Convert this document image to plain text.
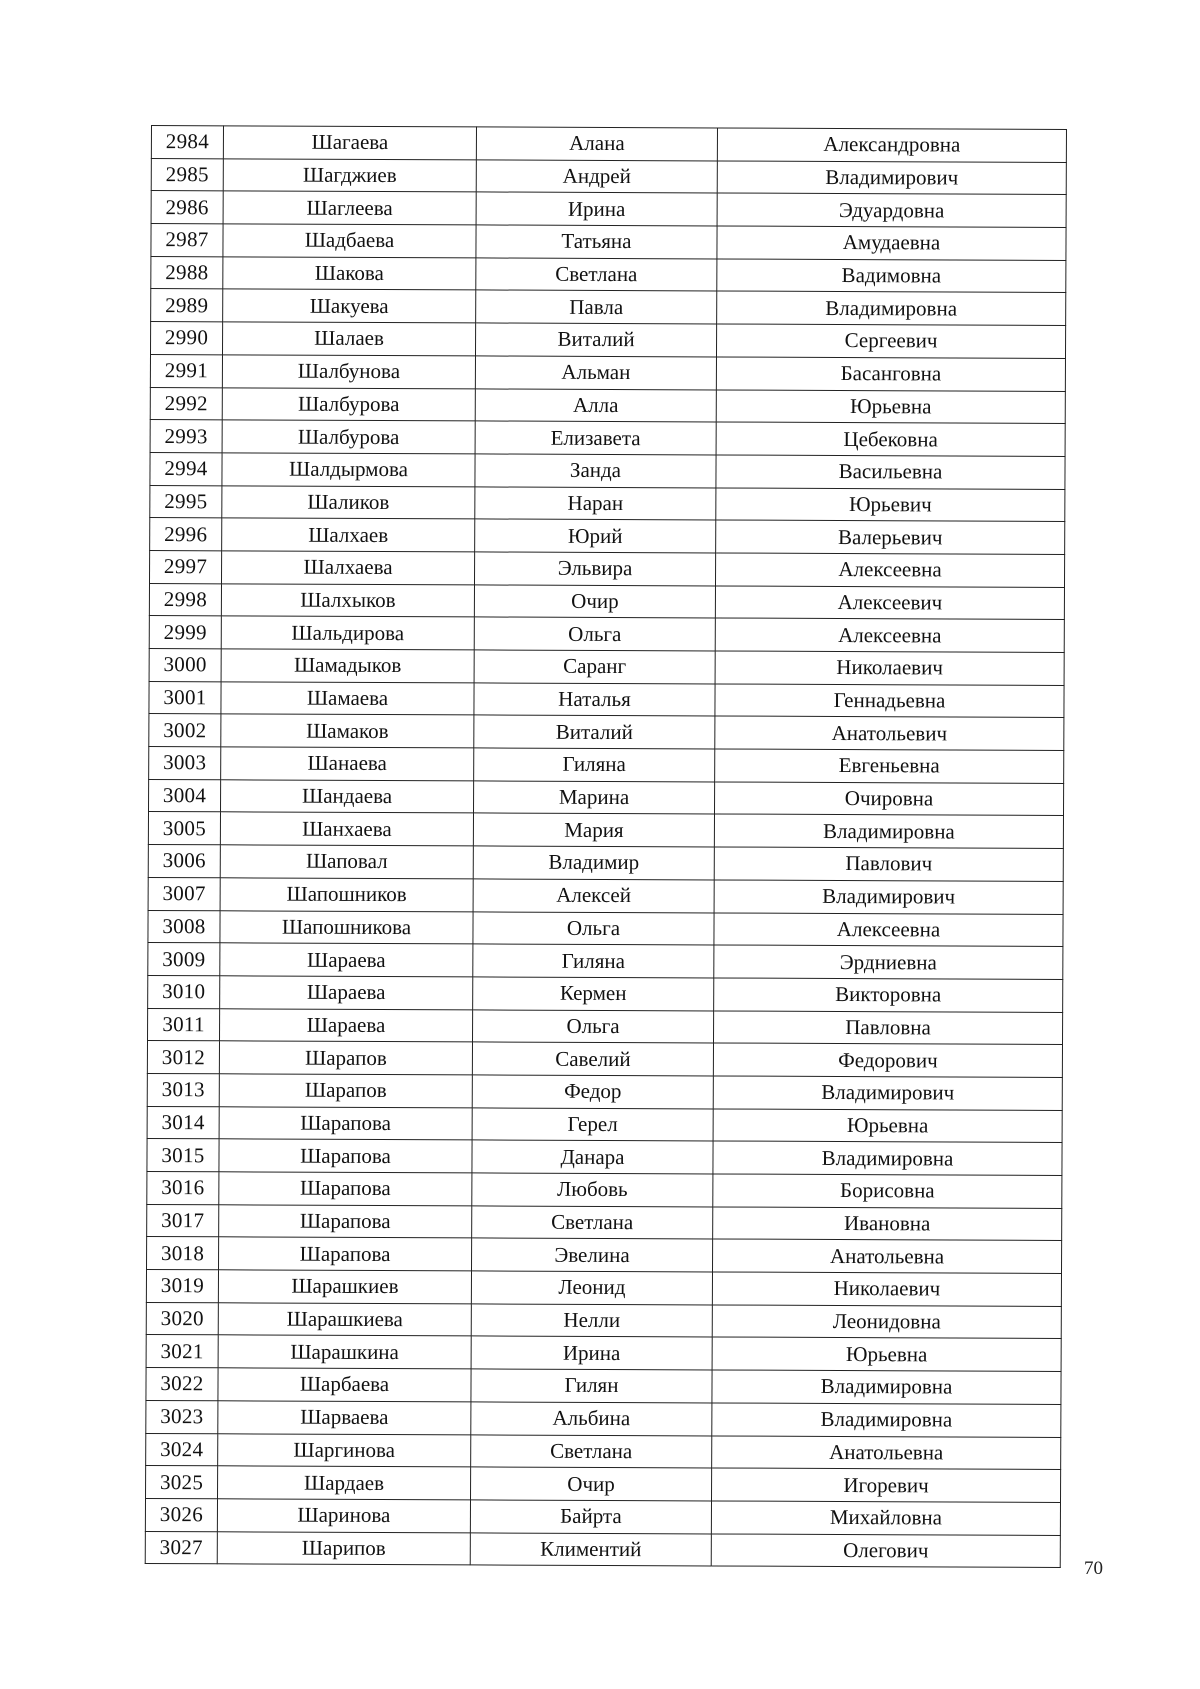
2984	Шагаева	Алана	Александровна
2985	Шагджиев	Андрей	Владимирович
2986	Шаглеева	Ирина	Эдуардовна
2987	Шадбаева	Татьяна	Амудаевна
2988	Шакова	Светлана	Вадимовна
2989	Шакуева	Павла	Владимировна
2990	Шалаев	Виталий	Сергеевич
2991	Шалбунова	Альман	Басанговна
2992	Шалбурова	Алла	Юрьевна
2993	Шалбурова	Елизавета	Цебековна
2994	Шалдырмова	Занда	Васильевна
2995	Шаликов	Наран	Юрьевич
2996	Шалхаев	Юрий	Валерьевич
2997	Шалхаева	Эльвира	Алексеевна
2998	Шалхыков	Очир	Алексеевич
2999	Шальдирова	Ольга	Алексеевна
3000	Шамадыков	Саранг	Николаевич
3001	Шамаева	Наталья	Геннадьевна
3002	Шамаков	Виталий	Анатольевич
3003	Шанаева	Гиляна	Евгеньевна
3004	Шандаева	Марина	Очировна
3005	Шанхаева	Мария	Владимировна
3006	Шаповал	Владимир	Павлович
3007	Шапошников	Алексей	Владимирович
3008	Шапошникова	Ольга	Алексеевна
3009	Шараева	Гиляна	Эрдниевна
3010	Шараева	Кермен	Викторовна
3011	Шараева	Ольга	Павловна
3012	Шарапов	Савелий	Федорович
3013	Шарапов	Федор	Владимирович
3014	Шарапова	Герел	Юрьевна
3015	Шарапова	Данара	Владимировна
3016	Шарапова	Любовь	Борисовна
3017	Шарапова	Светлана	Ивановна
3018	Шарапова	Эвелина	Анатольевна
3019	Шарашкиев	Леонид	Николаевич
3020	Шарашкиева	Нелли	Леонидовна
3021	Шарашкина	Ирина	Юрьевна
3022	Шарбаева	Гилян	Владимировна
3023	Шарваева	Альбина	Владимировна
3024	Шаргинова	Светлана	Анатольевна
3025	Шардаев	Очир	Игоревич
3026	Шаринова	Байрта	Михайловна
3027	Шарипов	Климентий	Олегович
70
